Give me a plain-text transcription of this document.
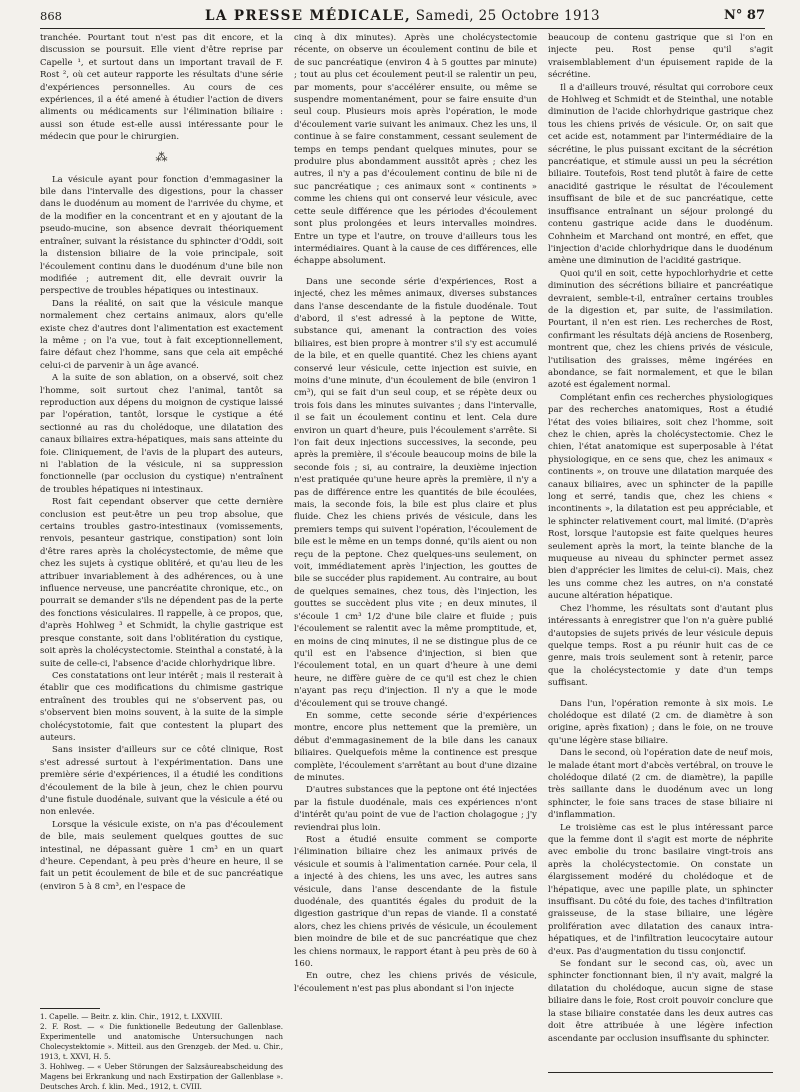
868	LA PRESSE MÉDICALE, Samedi, 25 Octobre 1913	N° 87

tranchée. Pourtant tout n'est pas dit encore, et la discussion se poursuit. Elle vient d'être reprise par Capelle ¹, et surtout dans un important travail de F. Rost ², où cet auteur rapporte les résultats d'une série d'expériences personnelles. Au cours de ces expériences, il a été amené à étudier l'action de divers aliments ou médicaments sur l'élimination biliaire : aussi son étude est-elle aussi intéressante pour le médecin que pour le chirurgien.

⁂

La vésicule ayant pour fonction d'emmagasiner la bile dans l'intervalle des digestions, pour la chasser dans le duodénum au moment de l'arrivée du chyme, et de la modifier en la concentrant et en y ajoutant de la pseudo-mucine, son absence devrait théoriquement entraîner, suivant la résistance du sphincter d'Oddi, soit la distension biliaire de la voie principale, soit l'écoulement continu dans le duodénum d'une bile non modifiée ; autrement dit, elle devrait ouvrir la perspective de troubles hépatiques ou intestinaux.

Dans la réalité, on sait que la vésicule manque normalement chez certains animaux, alors qu'elle existe chez d'autres dont l'alimentation est exactement la même ; on l'a vue, tout à fait exceptionnellement, faire défaut chez l'homme, sans que cela ait empêché celui-ci de parvenir à un âge avancé.

A la suite de son ablation, on a observé, soit chez l'homme, soit surtout chez l'animal, tantôt sa reproduction aux dépens du moignon de cystique laissé par l'opération, tantôt, lorsque le cystique a été sectionné au ras du cholédoque, une dilatation des canaux biliaires extra-hépatiques, mais sans atteinte du foie. Cliniquement, de l'avis de la plupart des auteurs, ni l'ablation de la vésicule, ni sa suppression fonctionnelle (par occlusion du cystique) n'entraînent de troubles hépatiques ni intestinaux.

Rost fait cependant observer que cette dernière conclusion est peut-être un peu trop absolue, que certains troubles gastro-intestinaux (vomissements, renvois, pesanteur gastrique, constipation) sont loin d'être rares après la cholécystectomie, de même que chez les sujets à cystique oblitéré, et qu'au lieu de les attribuer invariablement à des adhérences, ou à une influence nerveuse, une pancréatite chronique, etc., on pourrait se demander s'ils ne dépendent pas de la perte des fonctions vésiculaires. Il rappelle, à ce propos, que, d'après Hohlweg ³ et Schmidt, la chylie gastrique est presque constante, soit dans l'oblitération du cystique, soit après la cholécystectomie. Steinthal a constaté, à la suite de celle-ci, l'absence d'acide chlorhydrique libre.

Ces constatations ont leur intérêt ; mais il resterait à établir que ces modifications du chimisme gastrique entraînent des troubles qui ne s'observent pas, ou s'observent bien moins souvent, à la suite de la simple cholécystotomie, fait que contestent la plupart des auteurs.

Sans insister d'ailleurs sur ce côté clinique, Rost s'est adressé surtout à l'expérimentation. Dans une première série d'expériences, il a étudié les conditions d'écoulement de la bile à jeun, chez le chien pourvu d'une fistule duodénale, suivant que la vésicule a été ou non enlevée.

Lorsque la vésicule existe, on n'a pas d'écoulement de bile, mais seulement quelques gouttes de suc intestinal, ne dépassant guère 1 cm³ en un quart d'heure. Cependant, à peu près d'heure en heure, il se fait un petit écoulement de bile et de suc pancréatique (environ 5 à 8 cm³, en l'espace de

1. Capelle. — Beitr. z. klin. Chir., 1912, t. LXXVIII.
2. F. Rost. — « Die funktionelle Bedeutung der Gallenblase. Experimentelle und anatomische Untersuchungen nach Cholecystektomie ». Mitteil. aus den Grenzgeb. der Med. u. Chir., 1913, t. XXVI, H. 5.
3. Hohlweg. — « Ueber Störungen der Salzsäureabscheidung des Magens bei Erkrankung und nach Exstirpation der Gallenblase ». Deutsches Arch. f. klin. Med., 1912, t. CVIII.

cinq à dix minutes). Après une cholécystectomie récente, on observe un écoulement continu de bile et de suc pancréatique (environ 4 à 5 gouttes par minute) ; tout au plus cet écoulement peut-il se ralentir un peu, par moments, pour s'accélérer ensuite, ou même se suspendre momentanément, pour se faire ensuite d'un seul coup. Plusieurs mois après l'opération, le mode d'écoulement varie suivant les animaux. Chez les uns, il continue à se faire constamment, cessant seulement de temps en temps pendant quelques minutes, pour se produire plus abondamment aussitôt après ; chez les autres, il n'y a pas d'écoulement continu de bile ni de suc pancréatique ; ces animaux sont « continents » comme les chiens qui ont conservé leur vésicule, avec cette seule différence que les périodes d'écoulement sont plus prolongées et leurs intervalles moindres. Entre un type et l'autre, on trouve d'ailleurs tous les intermédiaires. Quant à la cause de ces différences, elle échappe absolument.

Dans une seconde série d'expériences, Rost a injecté, chez les mêmes animaux, diverses substances dans l'anse descendante de la fistule duodénale. Tout d'abord, il s'est adressé à la peptone de Witte, substance qui, amenant la contraction des voies biliaires, est bien propre à montrer s'il s'y est accumulé de la bile, et en quelle quantité. Chez les chiens ayant conservé leur vésicule, cette injection est suivie, en moins d'une minute, d'un écoulement de bile (environ 1 cm³), qui se fait d'un seul coup, et se répète deux ou trois fois dans les minutes suivantes ; dans l'intervalle, il se fait un écoulement continu et lent. Cela dure environ un quart d'heure, puis l'écoulement s'arrête. Si l'on fait deux injections successives, la seconde, peu après la première, il s'écoule beaucoup moins de bile la seconde fois ; si, au contraire, la deuxième injection n'est pratiquée qu'une heure après la première, il n'y a pas de différence entre les quantités de bile écoulées, mais, la seconde fois, la bile est plus claire et plus fluide. Chez les chiens privés de vésicule, dans les premiers temps qui suivent l'opération, l'écoulement de bile est le même en un temps donné, qu'ils aient ou non reçu de la peptone. Chez quelques-uns seulement, on voit, immédiatement après l'injection, les gouttes de bile se succéder plus rapidement. Au contraire, au bout de quelques semaines, chez tous, dès l'injection, les gouttes se succèdent plus vite ; en deux minutes, il s'écoule 1 cm³ 1/2 d'une bile claire et fluide ; puis l'écoulement se ralentit avec la même promptitude, et, en moins de cinq minutes, il ne se distingue plus de ce qu'il est en l'absence d'injection, si bien que l'écoulement total, en un quart d'heure à une demi heure, ne diffère guère de ce qu'il est chez le chien n'ayant pas reçu d'injection. Il n'y a que le mode d'écoulement qui se trouve changé.

En somme, cette seconde série d'expériences montre, encore plus nettement que la première, un début d'emmagasinement de la bile dans les canaux biliaires. Quelquefois même la continence est presque complète, l'écoulement s'arrêtant au bout d'une dizaine de minutes.

D'autres substances que la peptone ont été injectées par la fistule duodénale, mais ces expériences n'ont d'intérêt qu'au point de vue de l'action cholagogue ; j'y reviendrai plus loin.

Rost a étudié ensuite comment se comporte l'élimination biliaire chez les animaux privés de vésicule et soumis à l'alimentation carnée. Pour cela, il a injecté à des chiens, les uns avec, les autres sans vésicule, dans l'anse descendante de la fistule duodénale, des quantités égales du produit de la digestion gastrique d'un repas de viande. Il a constaté alors, chez les chiens privés de vésicule, un écoulement bien moindre de bile et de suc pancréatique que chez les chiens normaux, le rapport étant à peu près de 60 à 160.

En outre, chez les chiens privés de vésicule, l'écoulement n'est pas plus abondant si l'on injecte

beaucoup de contenu gastrique que si l'on en injecte peu. Rost pense qu'il s'agit vraisemblablement d'un épuisement rapide de la sécrétine.

Il a d'ailleurs trouvé, résultat qui corrobore ceux de Hohlweg et Schmidt et de Steinthal, une notable diminution de l'acide chlorhydrique gastrique chez tous les chiens privés de vésicule. Or, on sait que cet acide est, notamment par l'intermédiaire de la sécrétine, le plus puissant excitant de la sécrétion pancréatique, et stimule aussi un peu la sécrétion biliaire. Toutefois, Rost tend plutôt à faire de cette anacidité gastrique le résultat de l'écoulement insuffisant de bile et de suc pancréatique, cette insuffisance entraînant un séjour prolongé du contenu gastrique acide dans le duodénum. Cohnheim et Marchand ont montré, en effet, que l'injection d'acide chlorhydrique dans le duodénum amène une diminution de l'acidité gastrique.

Quoi qu'il en soit, cette hypochlorhydrie et cette diminution des sécrétions biliaire et pancréatique devraient, semble-t-il, entraîner certains troubles de la digestion et, par suite, de l'assimilation. Pourtant, il n'en est rien. Les recherches de Rost, confirmant les résultats déjà anciens de Rosenberg, montrent que, chez les chiens privés de vésicule, l'utilisation des graisses, même ingérées en abondance, se fait normalement, et que le bilan azoté est également normal.

Complétant enfin ces recherches physiologiques par des recherches anatomiques, Rost a étudié l'état des voies biliaires, soit chez l'homme, soit chez le chien, après la cholécystectomie. Chez le chien, l'état anatomique est superposable à l'état physiologique, en ce sens que, chez les animaux « continents », on trouve une dilatation marquée des canaux biliaires, avec un sphincter de la papille long et serré, tandis que, chez les chiens « incontinents », la dilatation est peu appréciable, et le sphincter relativement court, mal limité. (D'après Rost, lorsque l'autopsie est faite quelques heures seulement après la mort, la teinte blanche de la muqueuse au niveau du sphincter permet assez bien d'apprécier les limites de celui-ci). Mais, chez les uns comme chez les autres, on n'a constaté aucune altération hépatique.

Chez l'homme, les résultats sont d'autant plus intéressants à enregistrer que l'on n'a guère publié d'autopsies de sujets privés de leur vésicule depuis quelque temps. Rost a pu réunir huit cas de ce genre, mais trois seulement sont à retenir, parce que la cholécystectomie y date d'un temps suffisant.

Dans l'un, l'opération remonte à six mois. Le cholédoque est dilaté (2 cm. de diamètre à son origine, après fixation) ; dans le foie, on ne trouve qu'une légère stase biliaire.

Dans le second, où l'opération date de neuf mois, le malade étant mort d'abcès vertébral, on trouve le cholédoque dilaté (2 cm. de diamètre), la papille très saillante dans le duodénum avec un long sphincter, le foie sans traces de stase biliaire ni d'inflammation.

Le troisième cas est le plus intéressant parce que la femme dont il s'agit est morte de néphrite avec embolie du tronc basilaire vingt-trois ans après la cholécystectomie. On constate un élargissement modéré du cholédoque et de l'hépatique, avec une papille plate, un sphincter insuffisant. Du côté du foie, des taches d'infiltration graisseuse, de la stase biliaire, une légère prolifération avec dilatation des canaux intra-hépatiques, et de l'infiltration leucocytaire autour d'eux. Pas d'augmentation du tissu conjonctif.

Se fondant sur le second cas, où, avec un sphincter fonctionnant bien, il n'y avait, malgré la dilatation du cholédoque, aucun signe de stase biliaire dans le foie, Rost croit pouvoir conclure que la stase biliaire constatée dans les deux autres cas doit être attribuée à une légère infection ascendante par occlusion insuffisante du sphincter.
